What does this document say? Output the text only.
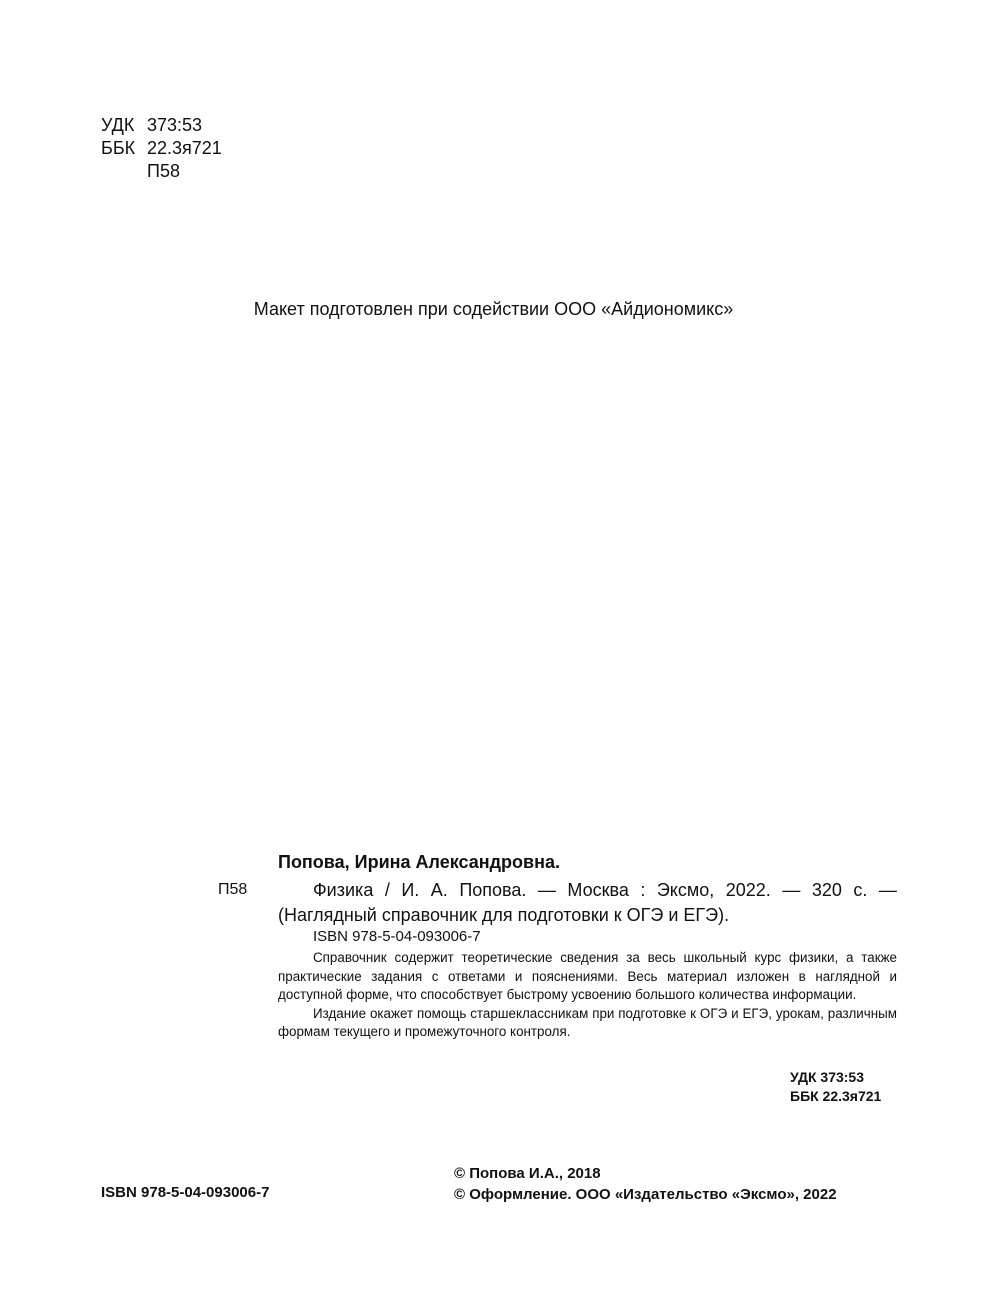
УДК 373:53
ББК 22.3я721
П58
Макет подготовлен при содействии ООО «Айдиономикс»
Попова, Ирина Александровна.
П58	Физика / И. А. Попова. — Москва : Эксмо, 2022. — 320 с. —
(Наглядный справочник для подготовки к ОГЭ и ЕГЭ).
ISBN 978-5-04-093006-7

Справочник содержит теоретические сведения за весь школьный курс физики, а также практические задания с ответами и пояснениями. Весь материал изложен в наглядной и доступной форме, что способствует быстрому усвоению большого количества информации.

Издание окажет помощь старшеклассникам при подготовке к ОГЭ и ЕГЭ, урокам, различным формам текущего и промежуточного контроля.

УДК 373:53
ББК 22.3я721
ISBN 978-5-04-093006-7
© Попова И.А., 2018
© Оформление. ООО «Издательство «Эксмо», 2022
